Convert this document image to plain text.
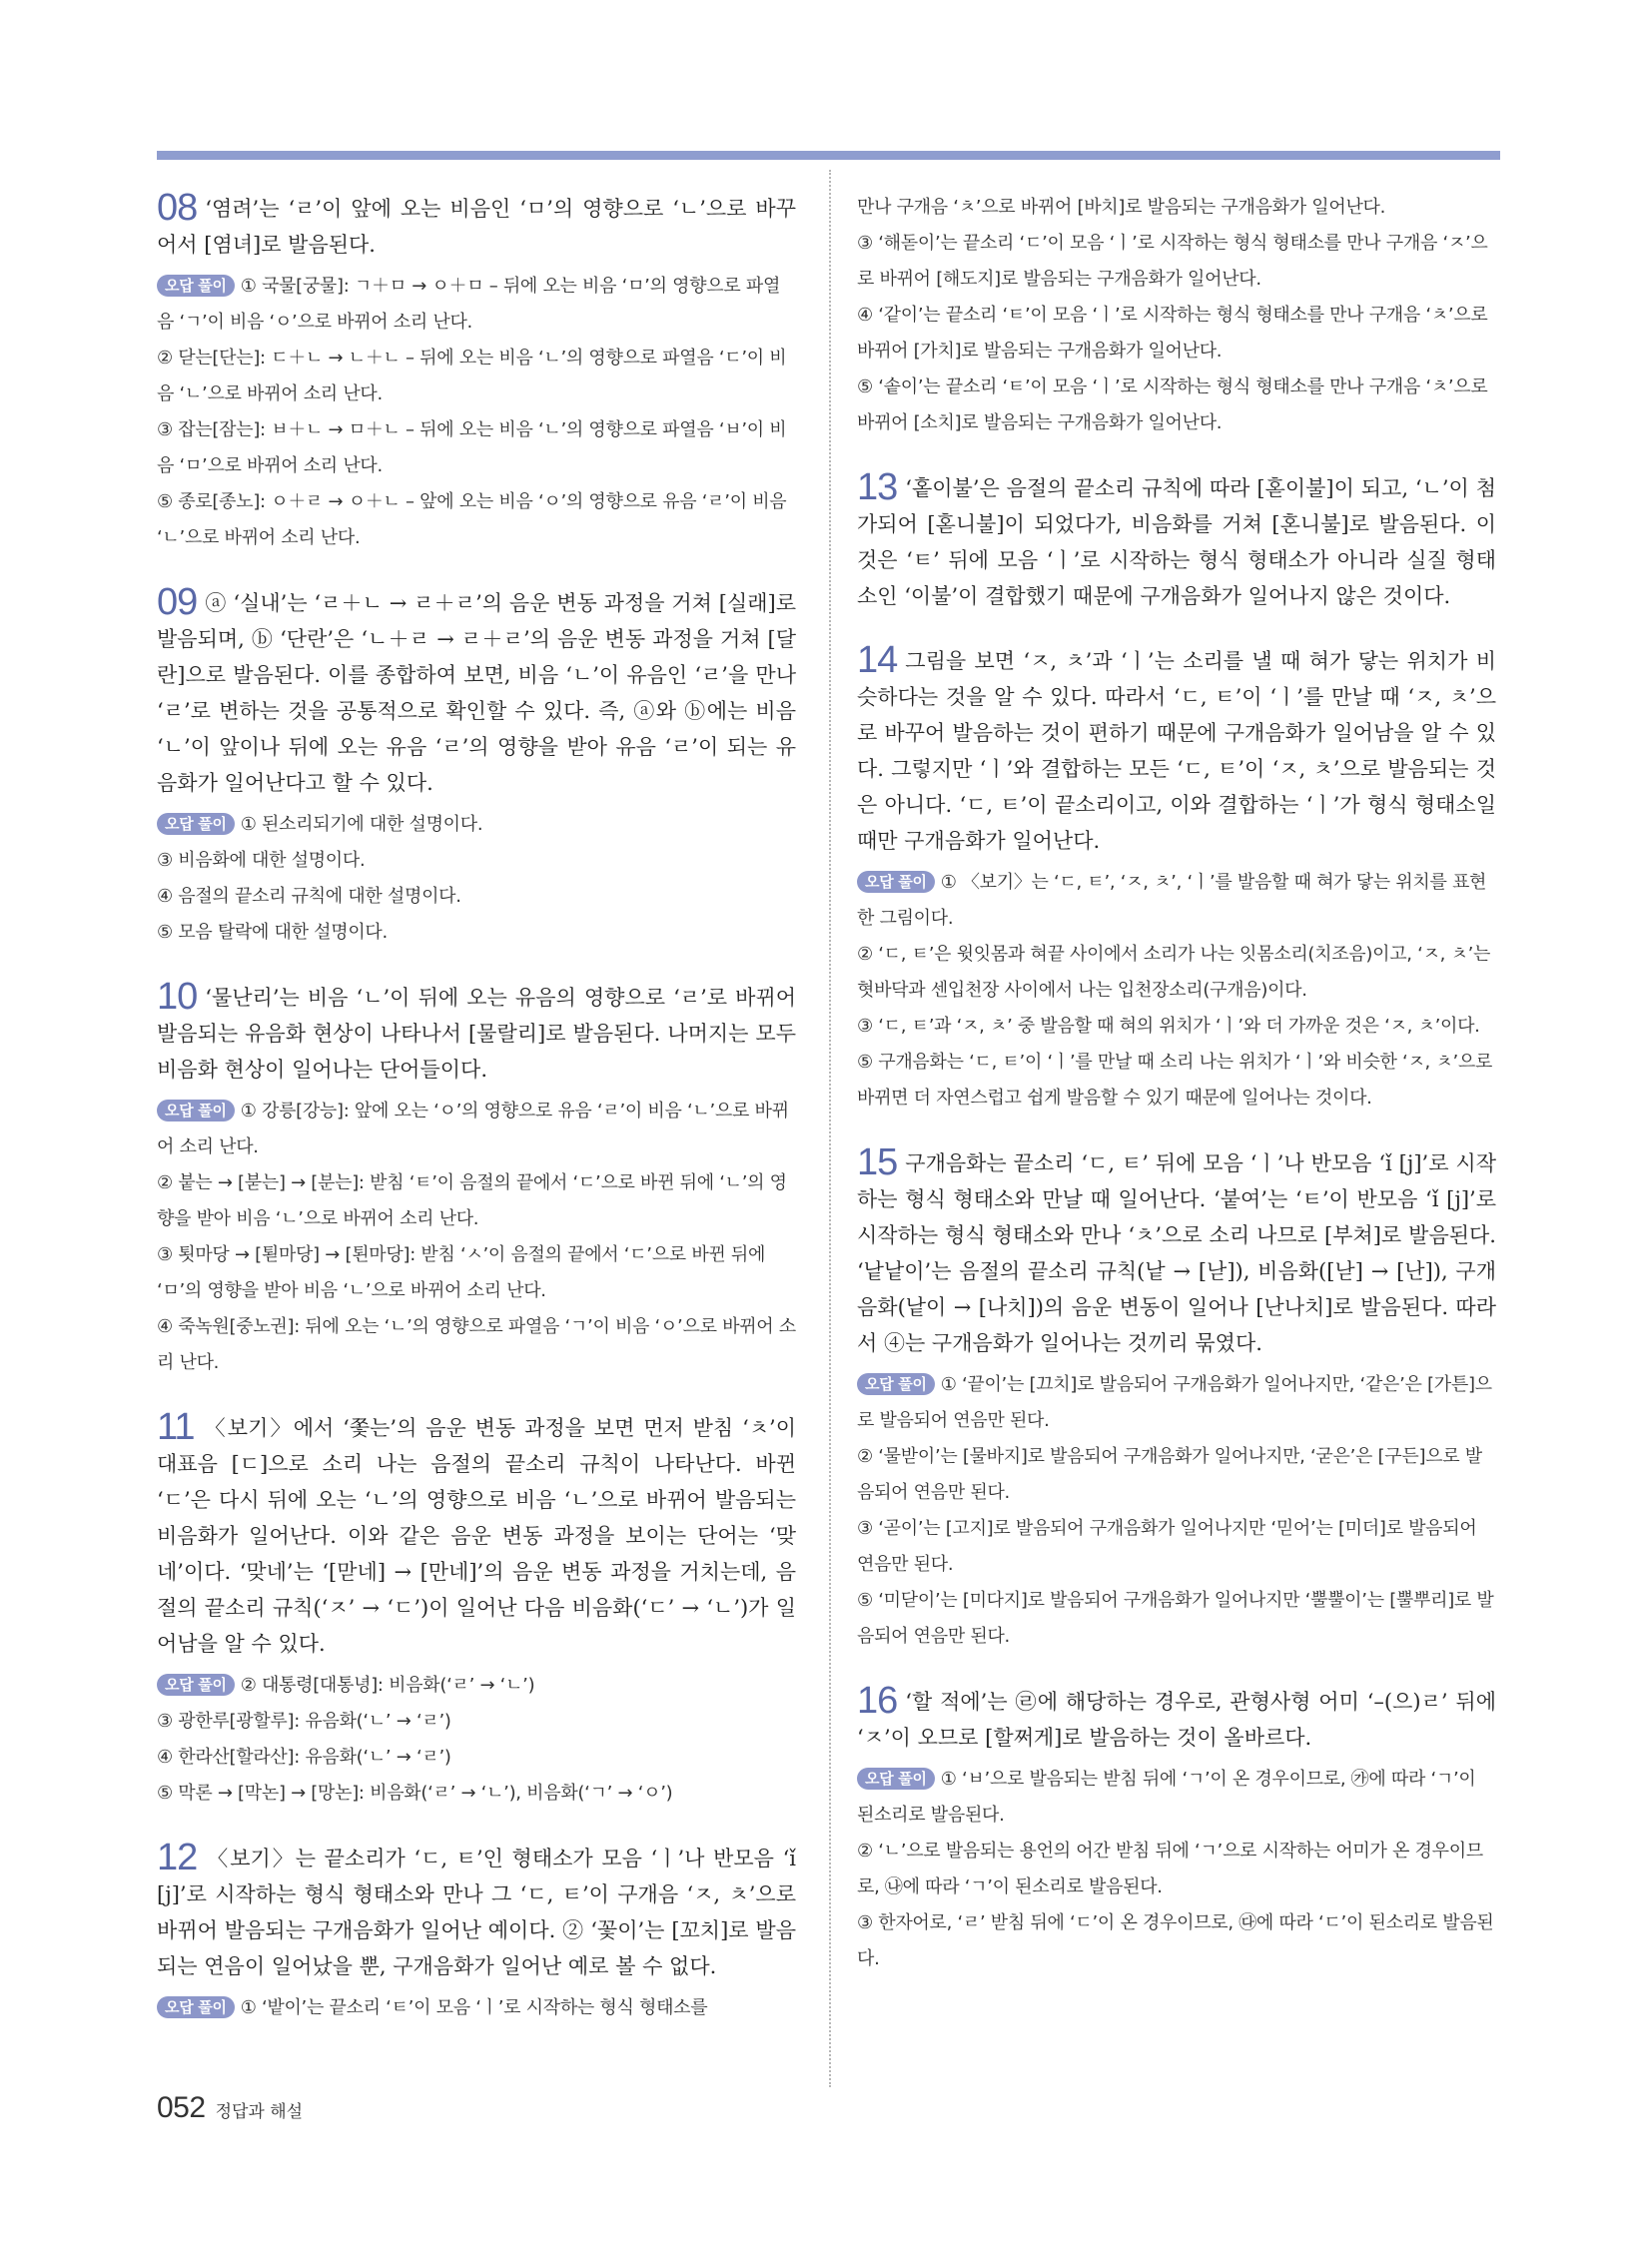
08 ‘염려’는 ‘ㄹ’이 앞에 오는 비음인 ‘ㅁ’의 영향으로 ‘ㄴ’으로 바꾸어서 [염녀]로 발음된다.

오답 풀이 ① 국물[궁물]: ㄱ＋ㅁ → ㅇ＋ㅁ – 뒤에 오는 비음 ‘ㅁ’의 영향으로 파열음 ‘ㄱ’이 비음 ‘ㅇ’으로 바뀌어 소리 난다.

② 닫는[단는]: ㄷ＋ㄴ → ㄴ＋ㄴ – 뒤에 오는 비음 ‘ㄴ’의 영향으로 파열음 ‘ㄷ’이 비음 ‘ㄴ’으로 바뀌어 소리 난다.

③ 잡는[잠는]: ㅂ＋ㄴ → ㅁ＋ㄴ – 뒤에 오는 비음 ‘ㄴ’의 영향으로 파열음 ‘ㅂ’이 비음 ‘ㅁ’으로 바뀌어 소리 난다.

⑤ 종로[종노]: ㅇ＋ㄹ → ㅇ＋ㄴ – 앞에 오는 비음 ‘ㅇ’의 영향으로 유음 ‘ㄹ’이 비음 ‘ㄴ’으로 바뀌어 소리 난다.

09 ⓐ ‘실내’는 ‘ㄹ＋ㄴ → ㄹ＋ㄹ’의 음운 변동 과정을 거쳐 [실래]로 발음되며, ⓑ ‘단란’은 ‘ㄴ＋ㄹ → ㄹ＋ㄹ’의 음운 변동 과정을 거쳐 [달란]으로 발음된다. 이를 종합하여 보면, 비음 ‘ㄴ’이 유음인 ‘ㄹ’을 만나 ‘ㄹ’로 변하는 것을 공통적으로 확인할 수 있다. 즉, ⓐ와 ⓑ에는 비음 ‘ㄴ’이 앞이나 뒤에 오는 유음 ‘ㄹ’의 영향을 받아 유음 ‘ㄹ’이 되는 유음화가 일어난다고 할 수 있다.

오답 풀이 ① 된소리되기에 대한 설명이다.

③ 비음화에 대한 설명이다.

④ 음절의 끝소리 규칙에 대한 설명이다.

⑤ 모음 탈락에 대한 설명이다.

10 ‘물난리’는 비음 ‘ㄴ’이 뒤에 오는 유음의 영향으로 ‘ㄹ’로 바뀌어 발음되는 유음화 현상이 나타나서 [물랄리]로 발음된다. 나머지는 모두 비음화 현상이 일어나는 단어들이다.

오답 풀이 ① 강릉[강능]: 앞에 오는 ‘ㅇ’의 영향으로 유음 ‘ㄹ’이 비음 ‘ㄴ’으로 바뀌어 소리 난다.

② 붙는 → [붇는] → [분는]: 받침 ‘ㅌ’이 음절의 끝에서 ‘ㄷ’으로 바뀐 뒤에 ‘ㄴ’의 영향을 받아 비음 ‘ㄴ’으로 바뀌어 소리 난다.

③ 툇마당 → [퇻마당] → [퇸마당]: 받침 ‘ㅅ’이 음절의 끝에서 ‘ㄷ’으로 바뀐 뒤에 ‘ㅁ’의 영향을 받아 비음 ‘ㄴ’으로 바뀌어 소리 난다.

④ 죽녹원[중노권]: 뒤에 오는 ‘ㄴ’의 영향으로 파열음 ‘ㄱ’이 비음 ‘ㅇ’으로 바뀌어 소리 난다.

11 〈보기〉에서 ‘쫓는’의 음운 변동 과정을 보면 먼저 받침 ‘ㅊ’이 대표음 [ㄷ]으로 소리 나는 음절의 끝소리 규칙이 나타난다. 바뀐 ‘ㄷ’은 다시 뒤에 오는 ‘ㄴ’의 영향으로 비음 ‘ㄴ’으로 바뀌어 발음되는 비음화가 일어난다. 이와 같은 음운 변동 과정을 보이는 단어는 ‘맞네’이다. ‘맞네’는 ‘[맏네] → [만네]’의 음운 변동 과정을 거치는데, 음절의 끝소리 규칙(‘ㅈ’ → ‘ㄷ’)이 일어난 다음 비음화(‘ㄷ’ → ‘ㄴ’)가 일어남을 알 수 있다.

오답 풀이 ② 대통령[대통녕]: 비음화(‘ㄹ’ → ‘ㄴ’)

③ 광한루[광할루]: 유음화(‘ㄴ’ → ‘ㄹ’)

④ 한라산[할라산]: 유음화(‘ㄴ’ → ‘ㄹ’)

⑤ 막론 → [막논] → [망논]: 비음화(‘ㄹ’ → ‘ㄴ’), 비음화(‘ㄱ’ → ‘ㅇ’)

12 〈보기〉는 끝소리가 ‘ㄷ, ㅌ’인 형태소가 모음 ‘ㅣ’나 반모음 ‘ǐ [j]’로 시작하는 형식 형태소와 만나 그 ‘ㄷ, ㅌ’이 구개음 ‘ㅈ, ㅊ’으로 바뀌어 발음되는 구개음화가 일어난 예이다. ② ‘꽃이’는 [꼬치]로 발음되는 연음이 일어났을 뿐, 구개음화가 일어난 예로 볼 수 없다.

오답 풀이 ① ‘밭이’는 끝소리 ‘ㅌ’이 모음 ‘ㅣ’로 시작하는 형식 형태소를

만나 구개음 ‘ㅊ’으로 바뀌어 [바치]로 발음되는 구개음화가 일어난다.

③ ‘해돋이’는 끝소리 ‘ㄷ’이 모음 ‘ㅣ’로 시작하는 형식 형태소를 만나 구개음 ‘ㅈ’으로 바뀌어 [해도지]로 발음되는 구개음화가 일어난다.

④ ‘같이’는 끝소리 ‘ㅌ’이 모음 ‘ㅣ’로 시작하는 형식 형태소를 만나 구개음 ‘ㅊ’으로 바뀌어 [가치]로 발음되는 구개음화가 일어난다.

⑤ ‘솥이’는 끝소리 ‘ㅌ’이 모음 ‘ㅣ’로 시작하는 형식 형태소를 만나 구개음 ‘ㅊ’으로 바뀌어 [소치]로 발음되는 구개음화가 일어난다.

13 ‘홑이불’은 음절의 끝소리 규칙에 따라 [혿이불]이 되고, ‘ㄴ’이 첨가되어 [혿니불]이 되었다가, 비음화를 거쳐 [혼니불]로 발음된다. 이것은 ‘ㅌ’ 뒤에 모음 ‘ㅣ’로 시작하는 형식 형태소가 아니라 실질 형태소인 ‘이불’이 결합했기 때문에 구개음화가 일어나지 않은 것이다.
14 그림을 보면 ‘ㅈ, ㅊ’과 ‘ㅣ’는 소리를 낼 때 혀가 닿는 위치가 비슷하다는 것을 알 수 있다. 따라서 ‘ㄷ, ㅌ’이 ‘ㅣ’를 만날 때 ‘ㅈ, ㅊ’으로 바꾸어 발음하는 것이 편하기 때문에 구개음화가 일어남을 알 수 있다. 그렇지만 ‘ㅣ’와 결합하는 모든 ‘ㄷ, ㅌ’이 ‘ㅈ, ㅊ’으로 발음되는 것은 아니다. ‘ㄷ, ㅌ’이 끝소리이고, 이와 결합하는 ‘ㅣ’가 형식 형태소일 때만 구개음화가 일어난다.

오답 풀이 ① 〈보기〉는 ‘ㄷ, ㅌ’, ‘ㅈ, ㅊ’, ‘ㅣ’를 발음할 때 혀가 닿는 위치를 표현한 그림이다.

② ‘ㄷ, ㅌ’은 윗잇몸과 혀끝 사이에서 소리가 나는 잇몸소리(치조음)이고, ‘ㅈ, ㅊ’는 혓바닥과 센입천장 사이에서 나는 입천장소리(구개음)이다.

③ ‘ㄷ, ㅌ’과 ‘ㅈ, ㅊ’ 중 발음할 때 혀의 위치가 ‘ㅣ’와 더 가까운 것은 ‘ㅈ, ㅊ’이다.

⑤ 구개음화는 ‘ㄷ, ㅌ’이 ‘ㅣ’를 만날 때 소리 나는 위치가 ‘ㅣ’와 비슷한 ‘ㅈ, ㅊ’으로 바뀌면 더 자연스럽고 쉽게 발음할 수 있기 때문에 일어나는 것이다.

15 구개음화는 끝소리 ‘ㄷ, ㅌ’ 뒤에 모음 ‘ㅣ’나 반모음 ‘ǐ [j]’로 시작하는 형식 형태소와 만날 때 일어난다. ‘붙여’는 ‘ㅌ’이 반모음 ‘ǐ [j]’로 시작하는 형식 형태소와 만나 ‘ㅊ’으로 소리 나므로 [부쳐]로 발음된다. ‘낱낱이’는 음절의 끝소리 규칙(낱 → [낟]), 비음화([낟] → [난]), 구개음화(낱이 → [나치])의 음운 변동이 일어나 [난나치]로 발음된다. 따라서 ④는 구개음화가 일어나는 것끼리 묶였다.

오답 풀이 ① ‘끝이’는 [끄치]로 발음되어 구개음화가 일어나지만, ‘같은’은 [가튼]으로 발음되어 연음만 된다.

② ‘물받이’는 [물바지]로 발음되어 구개음화가 일어나지만, ‘굳은’은 [구든]으로 발음되어 연음만 된다.

③ ‘곧이’는 [고지]로 발음되어 구개음화가 일어나지만 ‘믿어’는 [미더]로 발음되어 연음만 된다.

⑤ ‘미닫이’는 [미다지]로 발음되어 구개음화가 일어나지만 ‘뿔뿔이’는 [뿔뿌리]로 발음되어 연음만 된다.

16 ‘할 적에’는 ㉣에 해당하는 경우로, 관형사형 어미 ‘–(으)ㄹ’ 뒤에 ‘ㅈ’이 오므로 [할쩌게]로 발음하는 것이 올바르다.

오답 풀이 ① ‘ㅂ’으로 발음되는 받침 뒤에 ‘ㄱ’이 온 경우이므로, ㉮에 따라 ‘ㄱ’이 된소리로 발음된다.

② ‘ㄴ’으로 발음되는 용언의 어간 받침 뒤에 ‘ㄱ’으로 시작하는 어미가 온 경우이므로, ㉯에 따라 ‘ㄱ’이 된소리로 발음된다.

③ 한자어로, ‘ㄹ’ 받침 뒤에 ‘ㄷ’이 온 경우이므로, ㉰에 따라 ‘ㄷ’이 된소리로 발음된다.

052 정답과 해설
